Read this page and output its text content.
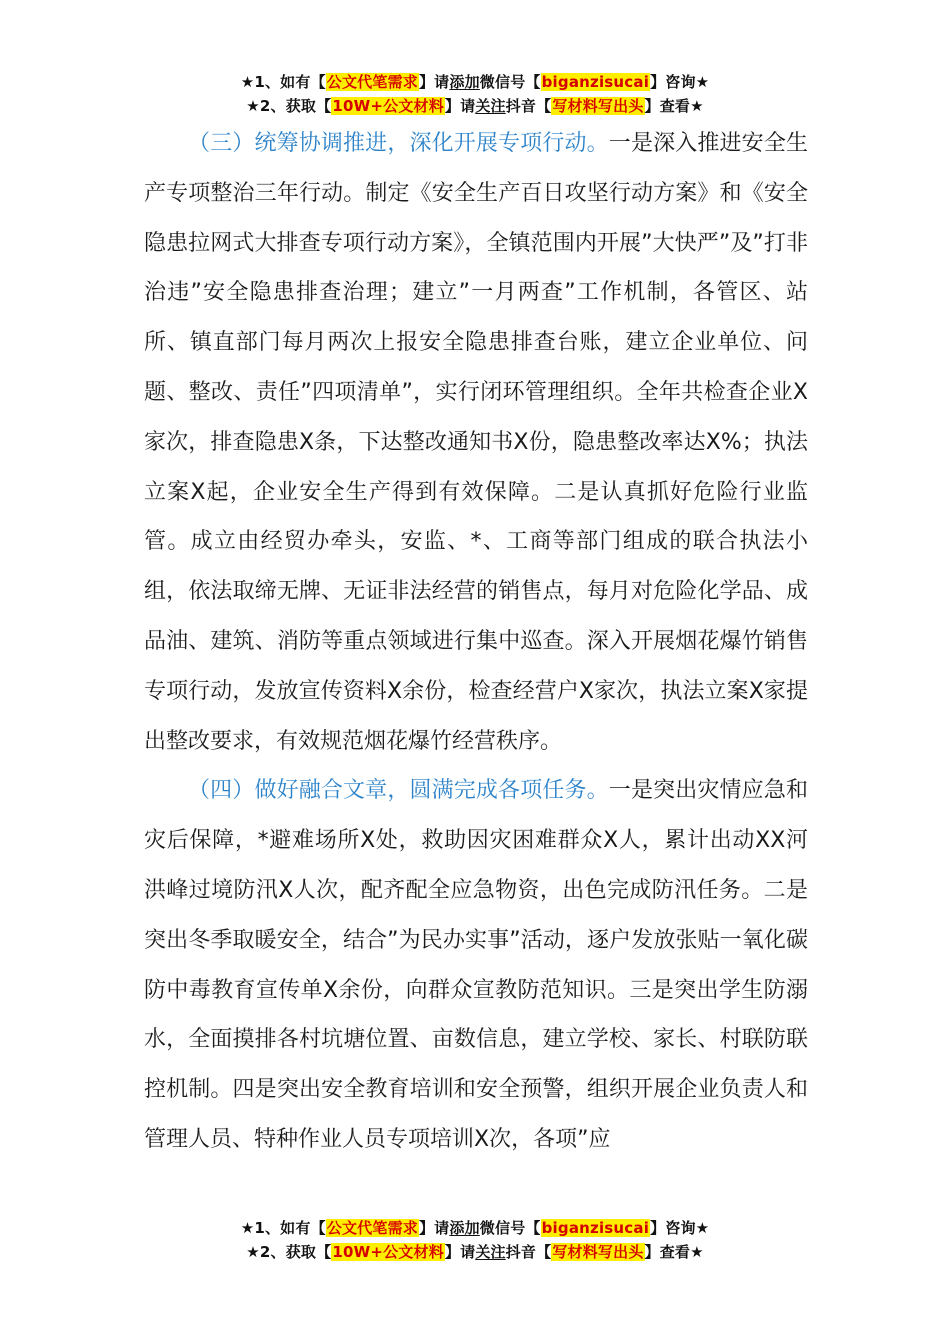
★1、如有【公文代笔需求】请添加微信号【biganzisucai】咨询★
★2、获取【10W+公文材料】请关注抖音【写材料写出头】查看★

（三）统筹协调推进，深化开展专项行动。一是深入推进安全生产专项整治三年行动。制定《安全生产百日攻坚行动方案》和《安全隐患拉网式大排查专项行动方案》，全镇范围内开展”大快严”及”打非治违”安全隐患排查治理；建立”一月两查”工作机制，各管区、站所、镇直部门每月两次上报安全隐患排查台账，建立企业单位、问题、整改、责任”四项清单”，实行闭环管理组织。全年共检查企业X家次，排查隐患X条，下达整改通知书X份，隐患整改率达X%；执法立案X起，企业安全生产得到有效保障。二是认真抓好危险行业监管。成立由经贸办牵头，安监、*、工商等部门组成的联合执法小组，依法取缔无牌、无证非法经营的销售点，每月对危险化学品、成品油、建筑、消防等重点领域进行集中巡查。深入开展烟花爆竹销售专项行动，发放宣传资料X余份，检查经营户X家次，执法立案X家提出整改要求，有效规范烟花爆竹经营秩序。

（四）做好融合文章，圆满完成各项任务。一是突出灾情应急和灾后保障，*避难场所X处，救助因灾困难群众X人，累计出动XX河洪峰过境防汛X人次，配齐配全应急物资，出色完成防汛任务。二是突出冬季取暖安全，结合”为民办实事”活动，逐户发放张贴一氧化碳防中毒教育宣传单X余份，向群众宣教防范知识。三是突出学生防溺水，全面摸排各村坑塘位置、亩数信息，建立学校、家长、村联防联控机制。四是突出安全教育培训和安全预警，组织开展企业负责人和管理人员、特种作业人员专项培训X次，各项”应

★1、如有【公文代笔需求】请添加微信号【biganzisucai】咨询★
★2、获取【10W+公文材料】请关注抖音【写材料写出头】查看★
